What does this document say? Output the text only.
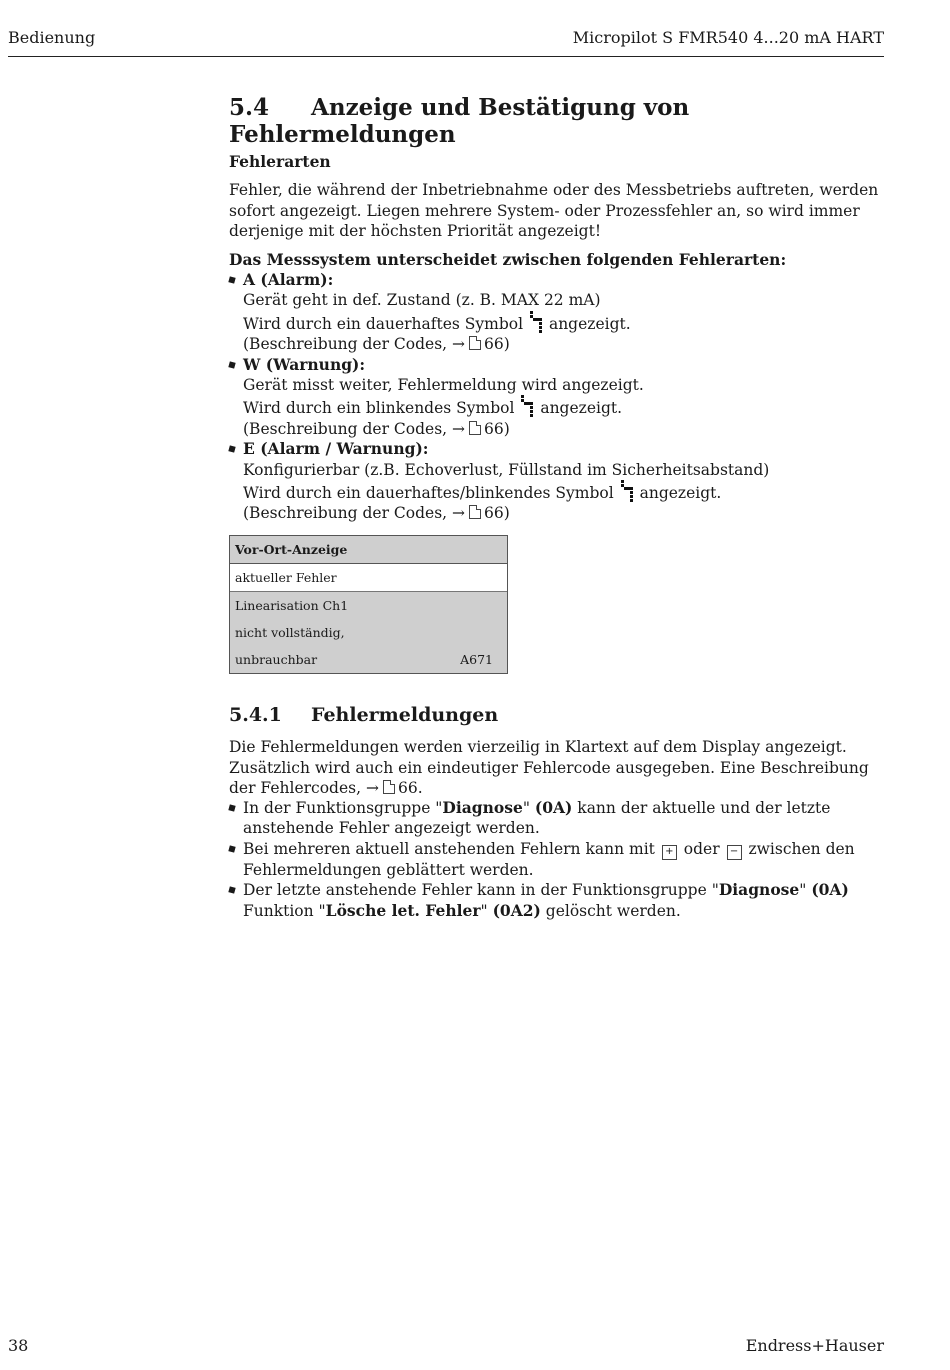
Bedienung	Micropilot S FMR540 4...20 mA HART
5.4 Anzeige und Bestätigung von Fehlermeldungen
Fehlerarten
Fehler, die während der Inbetriebnahme oder des Messbetriebs auftreten, werden sofort angezeigt. Liegen mehrere System- oder Prozessfehler an, so wird immer derjenige mit der höchsten Priorität angezeigt!
Das Messsystem unterscheidet zwischen folgenden Fehlerarten:
A (Alarm):
Gerät geht in def. Zustand (z. B. MAX 22 mA)
Wird durch ein dauerhaftes Symbol angezeigt.
(Beschreibung der Codes, → 66)
W (Warnung):
Gerät misst weiter, Fehlermeldung wird angezeigt.
Wird durch ein blinkendes Symbol angezeigt.
(Beschreibung der Codes, → 66)
E (Alarm / Warnung):
Konfigurierbar (z.B. Echoverlust, Füllstand im Sicherheitsabstand)
Wird durch ein dauerhaftes/blinkendes Symbol angezeigt.
(Beschreibung der Codes, → 66)
Vor-Ort-Anzeige
aktueller Fehler
Linearisation Ch1
nicht vollständig,
unbrauchbar	A671
5.4.1 Fehlermeldungen
Die Fehlermeldungen werden vierzeilig in Klartext auf dem Display angezeigt. Zusätzlich wird auch ein eindeutiger Fehlercode ausgegeben. Eine Beschreibung der Fehlercodes, → 66.
In der Funktionsgruppe "Diagnose" (0A) kann der aktuelle und der letzte anstehende Fehler angezeigt werden.
Bei mehreren aktuell anstehenden Fehlern kann mit + oder − zwischen den Fehlermeldungen geblättert werden.
Der letzte anstehende Fehler kann in der Funktionsgruppe "Diagnose" (0A) Funktion "Lösche let. Fehler" (0A2) gelöscht werden.
38	Endress+Hauser
